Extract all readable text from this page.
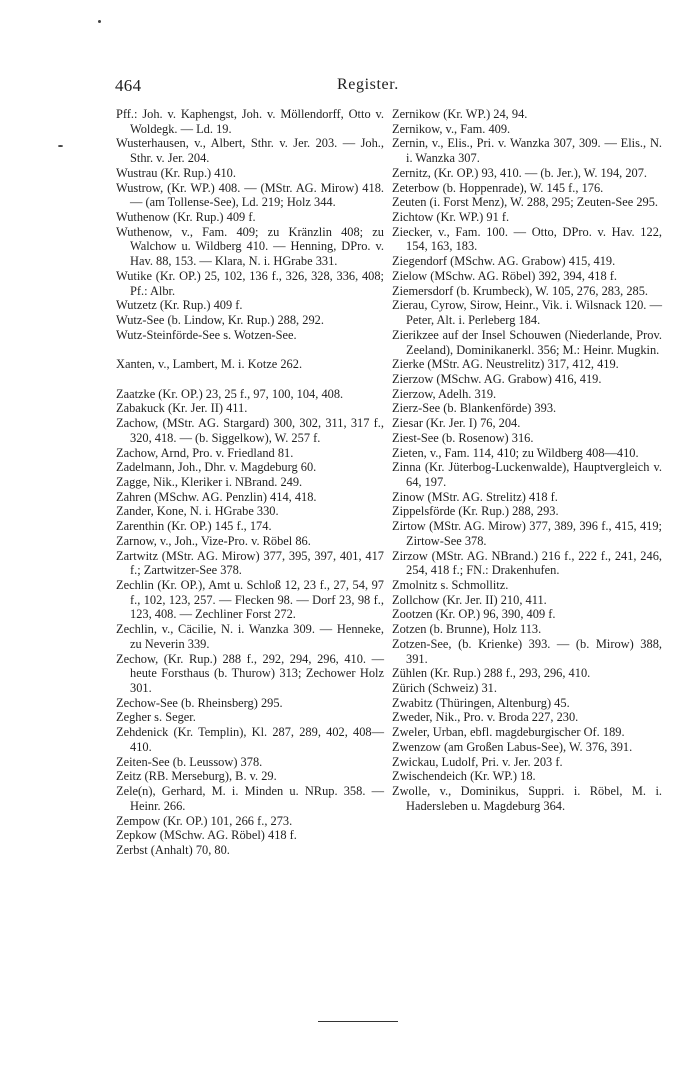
464	Register.

Pff.: Joh. v. Kaphengst, Joh. v. Möllendorff, Otto v. Woldegk. — Ld. 19.

Wusterhausen, v., Albert, Sthr. v. Jer. 203. — Joh., Sthr. v. Jer. 204.

Wustrau (Kr. Rup.) 410.

Wustrow, (Kr. WP.) 408. — (MStr. AG. Mirow) 418. — (am Tollense-See), Ld. 219; Holz 344.

Wuthenow (Kr. Rup.) 409 f.

Wuthenow, v., Fam. 409; zu Kränzlin 408; zu Walchow u. Wildberg 410. — Henning, DPro. v. Hav. 88, 153. — Klara, N. i. HGrabe 331.

Wutike (Kr. OP.) 25, 102, 136 f., 326, 328, 336, 408; Pf.: Albr.

Wutzetz (Kr. Rup.) 409 f.

Wutz-See (b. Lindow, Kr. Rup.) 288, 292.

Wutz-Steinförde-See s. Wotzen-See.

Xanten, v., Lambert, M. i. Kotze 262.

Zaatzke (Kr. OP.) 23, 25 f., 97, 100, 104, 408.

Zabakuck (Kr. Jer. II) 411.

Zachow, (MStr. AG. Stargard) 300, 302, 311, 317 f., 320, 418. — (b. Siggelkow), W. 257 f.

Zachow, Arnd, Pro. v. Friedland 81.

Zadelmann, Joh., Dhr. v. Magdeburg 60.

Zagge, Nik., Kleriker i. NBrand. 249.

Zahren (MSchw. AG. Penzlin) 414, 418.

Zander, Kone, N. i. HGrabe 330.

Zarenthin (Kr. OP.) 145 f., 174.

Zarnow, v., Joh., Vize-Pro. v. Röbel 86.

Zartwitz (MStr. AG. Mirow) 377, 395, 397, 401, 417 f.; Zartwitzer-See 378.

Zechlin (Kr. OP.), Amt u. Schloß 12, 23 f., 27, 54, 97 f., 102, 123, 257. — Flecken 98. — Dorf 23, 98 f., 123, 408. — Zechliner Forst 272.

Zechlin, v., Cäcilie, N. i. Wanzka 309. — Henneke, zu Neverin 339.

Zechow, (Kr. Rup.) 288 f., 292, 294, 296, 410. — heute Forsthaus (b. Thurow) 313; Zechower Holz 301.

Zechow-See (b. Rheinsberg) 295.

Zegher s. Seger.

Zehdenick (Kr. Templin), Kl. 287, 289, 402, 408—410.

Zeiten-See (b. Leussow) 378.

Zeitz (RB. Merseburg), B. v. 29.

Zele(n), Gerhard, M. i. Minden u. NRup. 358. — Heinr. 266.

Zempow (Kr. OP.) 101, 266 f., 273.

Zepkow (MSchw. AG. Röbel) 418 f.

Zerbst (Anhalt) 70, 80.

Zernikow (Kr. WP.) 24, 94.

Zernikow, v., Fam. 409.

Zernin, v., Elis., Pri. v. Wanzka 307, 309. — Elis., N. i. Wanzka 307.

Zernitz, (Kr. OP.) 93, 410. — (b. Jer.), W. 194, 207.

Zeterbow (b. Hoppenrade), W. 145 f., 176.

Zeuten (i. Forst Menz), W. 288, 295; Zeuten-See 295.

Zichtow (Kr. WP.) 91 f.

Ziecker, v., Fam. 100. — Otto, DPro. v. Hav. 122, 154, 163, 183.

Ziegendorf (MSchw. AG. Grabow) 415, 419.

Zielow (MSchw. AG. Röbel) 392, 394, 418 f.

Ziemersdorf (b. Krumbeck), W. 105, 276, 283, 285.

Zierau, Cyrow, Sirow, Heinr., Vik. i. Wilsnack 120. — Peter, Alt. i. Perleberg 184.

Zierikzee auf der Insel Schouwen (Niederlande, Prov. Zeeland), Dominikanerkl. 356; M.: Heinr. Mugkin.

Zierke (MStr. AG. Neustrelitz) 317, 412, 419.

Zierzow (MSchw. AG. Grabow) 416, 419.

Zierzow, Adelh. 319.

Zierz-See (b. Blankenförde) 393.

Ziesar (Kr. Jer. I) 76, 204.

Ziest-See (b. Rosenow) 316.

Zieten, v., Fam. 114, 410; zu Wildberg 408—410.

Zinna (Kr. Jüterbog-Luckenwalde), Hauptvergleich v. 64, 197.

Zinow (MStr. AG. Strelitz) 418 f.

Zippelsförde (Kr. Rup.) 288, 293.

Zirtow (MStr. AG. Mirow) 377, 389, 396 f., 415, 419; Zirtow-See 378.

Zirzow (MStr. AG. NBrand.) 216 f., 222 f., 241, 246, 254, 418 f.; FN.: Drakenhufen.

Zmolnitz s. Schmollitz.

Zollchow (Kr. Jer. II) 210, 411.

Zootzen (Kr. OP.) 96, 390, 409 f.

Zotzen (b. Brunne), Holz 113.

Zotzen-See, (b. Krienke) 393. — (b. Mirow) 388, 391.

Zühlen (Kr. Rup.) 288 f., 293, 296, 410.

Zürich (Schweiz) 31.

Zwabitz (Thüringen, Altenburg) 45.

Zweder, Nik., Pro. v. Broda 227, 230.

Zweler, Urban, ebfl. magdeburgischer Of. 189.

Zwenzow (am Großen Labus-See), W. 376, 391.

Zwickau, Ludolf, Pri. v. Jer. 203 f.

Zwischendeich (Kr. WP.) 18.

Zwolle, v., Dominikus, Suppri. i. Röbel, M. i. Hadersleben u. Magdeburg 364.
